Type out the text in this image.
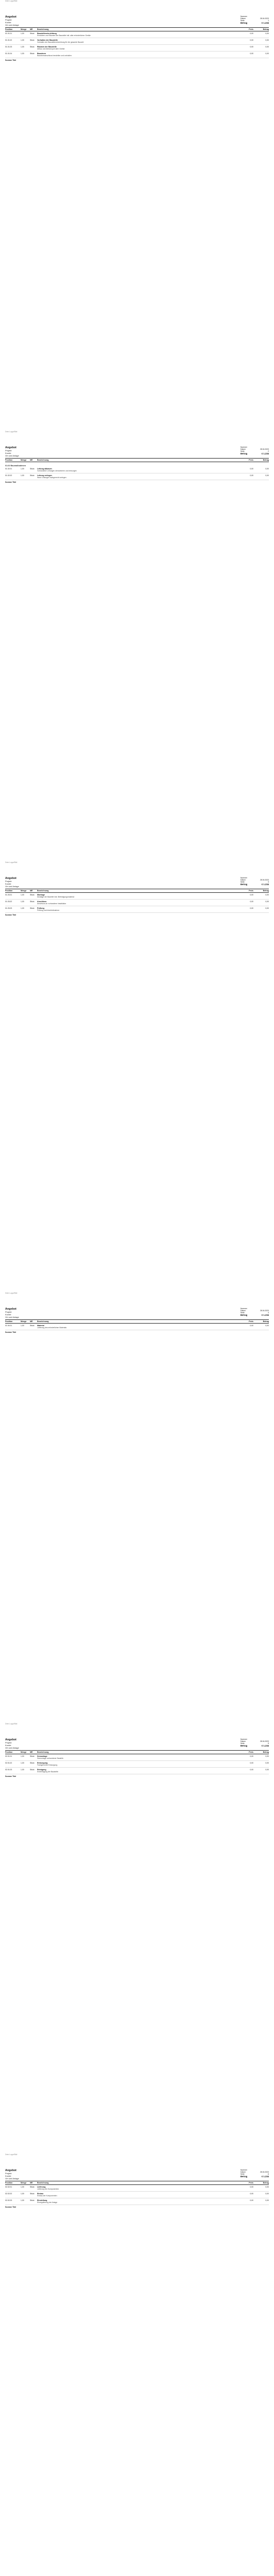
Dein Logo/Bild

Angebot

Projekt

Kunde

Ort und Anlage

Nummer
Datum	28.04.2023
Seite	1
Betrag	€ 1.234
Position	Menge	ME	Bezeichnung	Preis	Betrag
01.01.01	1,00	Stück	Baustelleneinrichtung
Einrichten und Räumen der Baustelle inkl. aller erforderlichen Geräte
0,00	0,00
01.01.02	1,00	Stück	Vorhalten der Baustelle
Vorhalten der Baustelleneinrichtung für die gesamte Bauzeit
0,00	0,00
01.01.03	1,00	Stück	Räumen der Baustelle
Abbau und Abtransport aller Geräte
0,00	0,00
01.01.04	1,00	Stück	Baustrom
Baustromanschluss herstellen und vorhalten
0,00	0,00
Summe Titel
Dein Logo/Bild

Angebot

Projekt

Kunde

Ort und Anlage

Nummer
Datum	28.04.2023
Seite	2
Betrag	€ 1.234
Position	Menge	ME	Bezeichnung	Preis	Betrag
01.02 Baumaßnahmen
01.02.01	1,00	Stück	Leitung abbauen
Vorhandene Leitungen demontieren und entsorgen
0,00	0,00
01.02.02	1,00	Stück	Leitung verlegen
Neue Leitungen fachgerecht verlegen
0,00	0,00
Summe Titel
Dein Logo/Bild

Angebot

Projekt

Kunde

Ort und Anlage

Nummer
Datum	28.04.2023
Seite	3
Betrag	€ 1.234
Position	Menge	ME	Bezeichnung	Preis	Betrag
01.03.01	1,00	Stück	Montage
Montage der Bauteile inkl. Befestigungsmaterial
0,00	0,00
01.03.02	1,00	Stück	Anschluss
Anschluss an vorhandene Installation
0,00	0,00
01.03.03	1,00	Stück	Prüfung
Prüfung und Inbetriebnahme
0,00	0,00
Summe Titel
Dein Logo/Bild

Angebot

Projekt

Kunde

Ort und Anlage

Nummer
Datum	28.04.2023
Seite	4
Betrag	€ 1.234
Position	Menge	ME	Bezeichnung	Preis	Betrag
01.04.01	1,00	Stück	Material
Lieferung des erforderlichen Materials
0,00	0,00
Summe Titel
Dein Logo/Bild

Angebot

Projekt

Kunde

Ort und Anlage

Nummer
Datum	28.04.2023
Seite	5
Betrag	€ 1.234
Position	Menge	ME	Bezeichnung	Preis	Betrag
02.01.01	1,00	Stück	Demontage
Demontage vorhandener Bauteile
0,00	0,00
02.01.02	1,00	Stück	Entsorgung
Fachgerechte Entsorgung
0,00	0,00
02.01.03	1,00	Stück	Reinigung
Endreinigung der Baustelle
0,00	0,00
Summe Titel
Dein Logo/Bild

Angebot

Projekt

Kunde

Ort und Anlage

Nummer
Datum	28.04.2023
Seite	6
Betrag	€ 1.234
Position	Menge	ME	Bezeichnung	Preis	Betrag
02.02.01	1,00	Stück	Lieferung
Lieferung der Komponenten
0,00	0,00
02.02.02	1,00	Stück	Einbau
Einbau der Komponenten
0,00	0,00
02.02.03	1,00	Stück	Einstellung
Einregulierung der Anlage
0,00	0,00
Summe Titel
